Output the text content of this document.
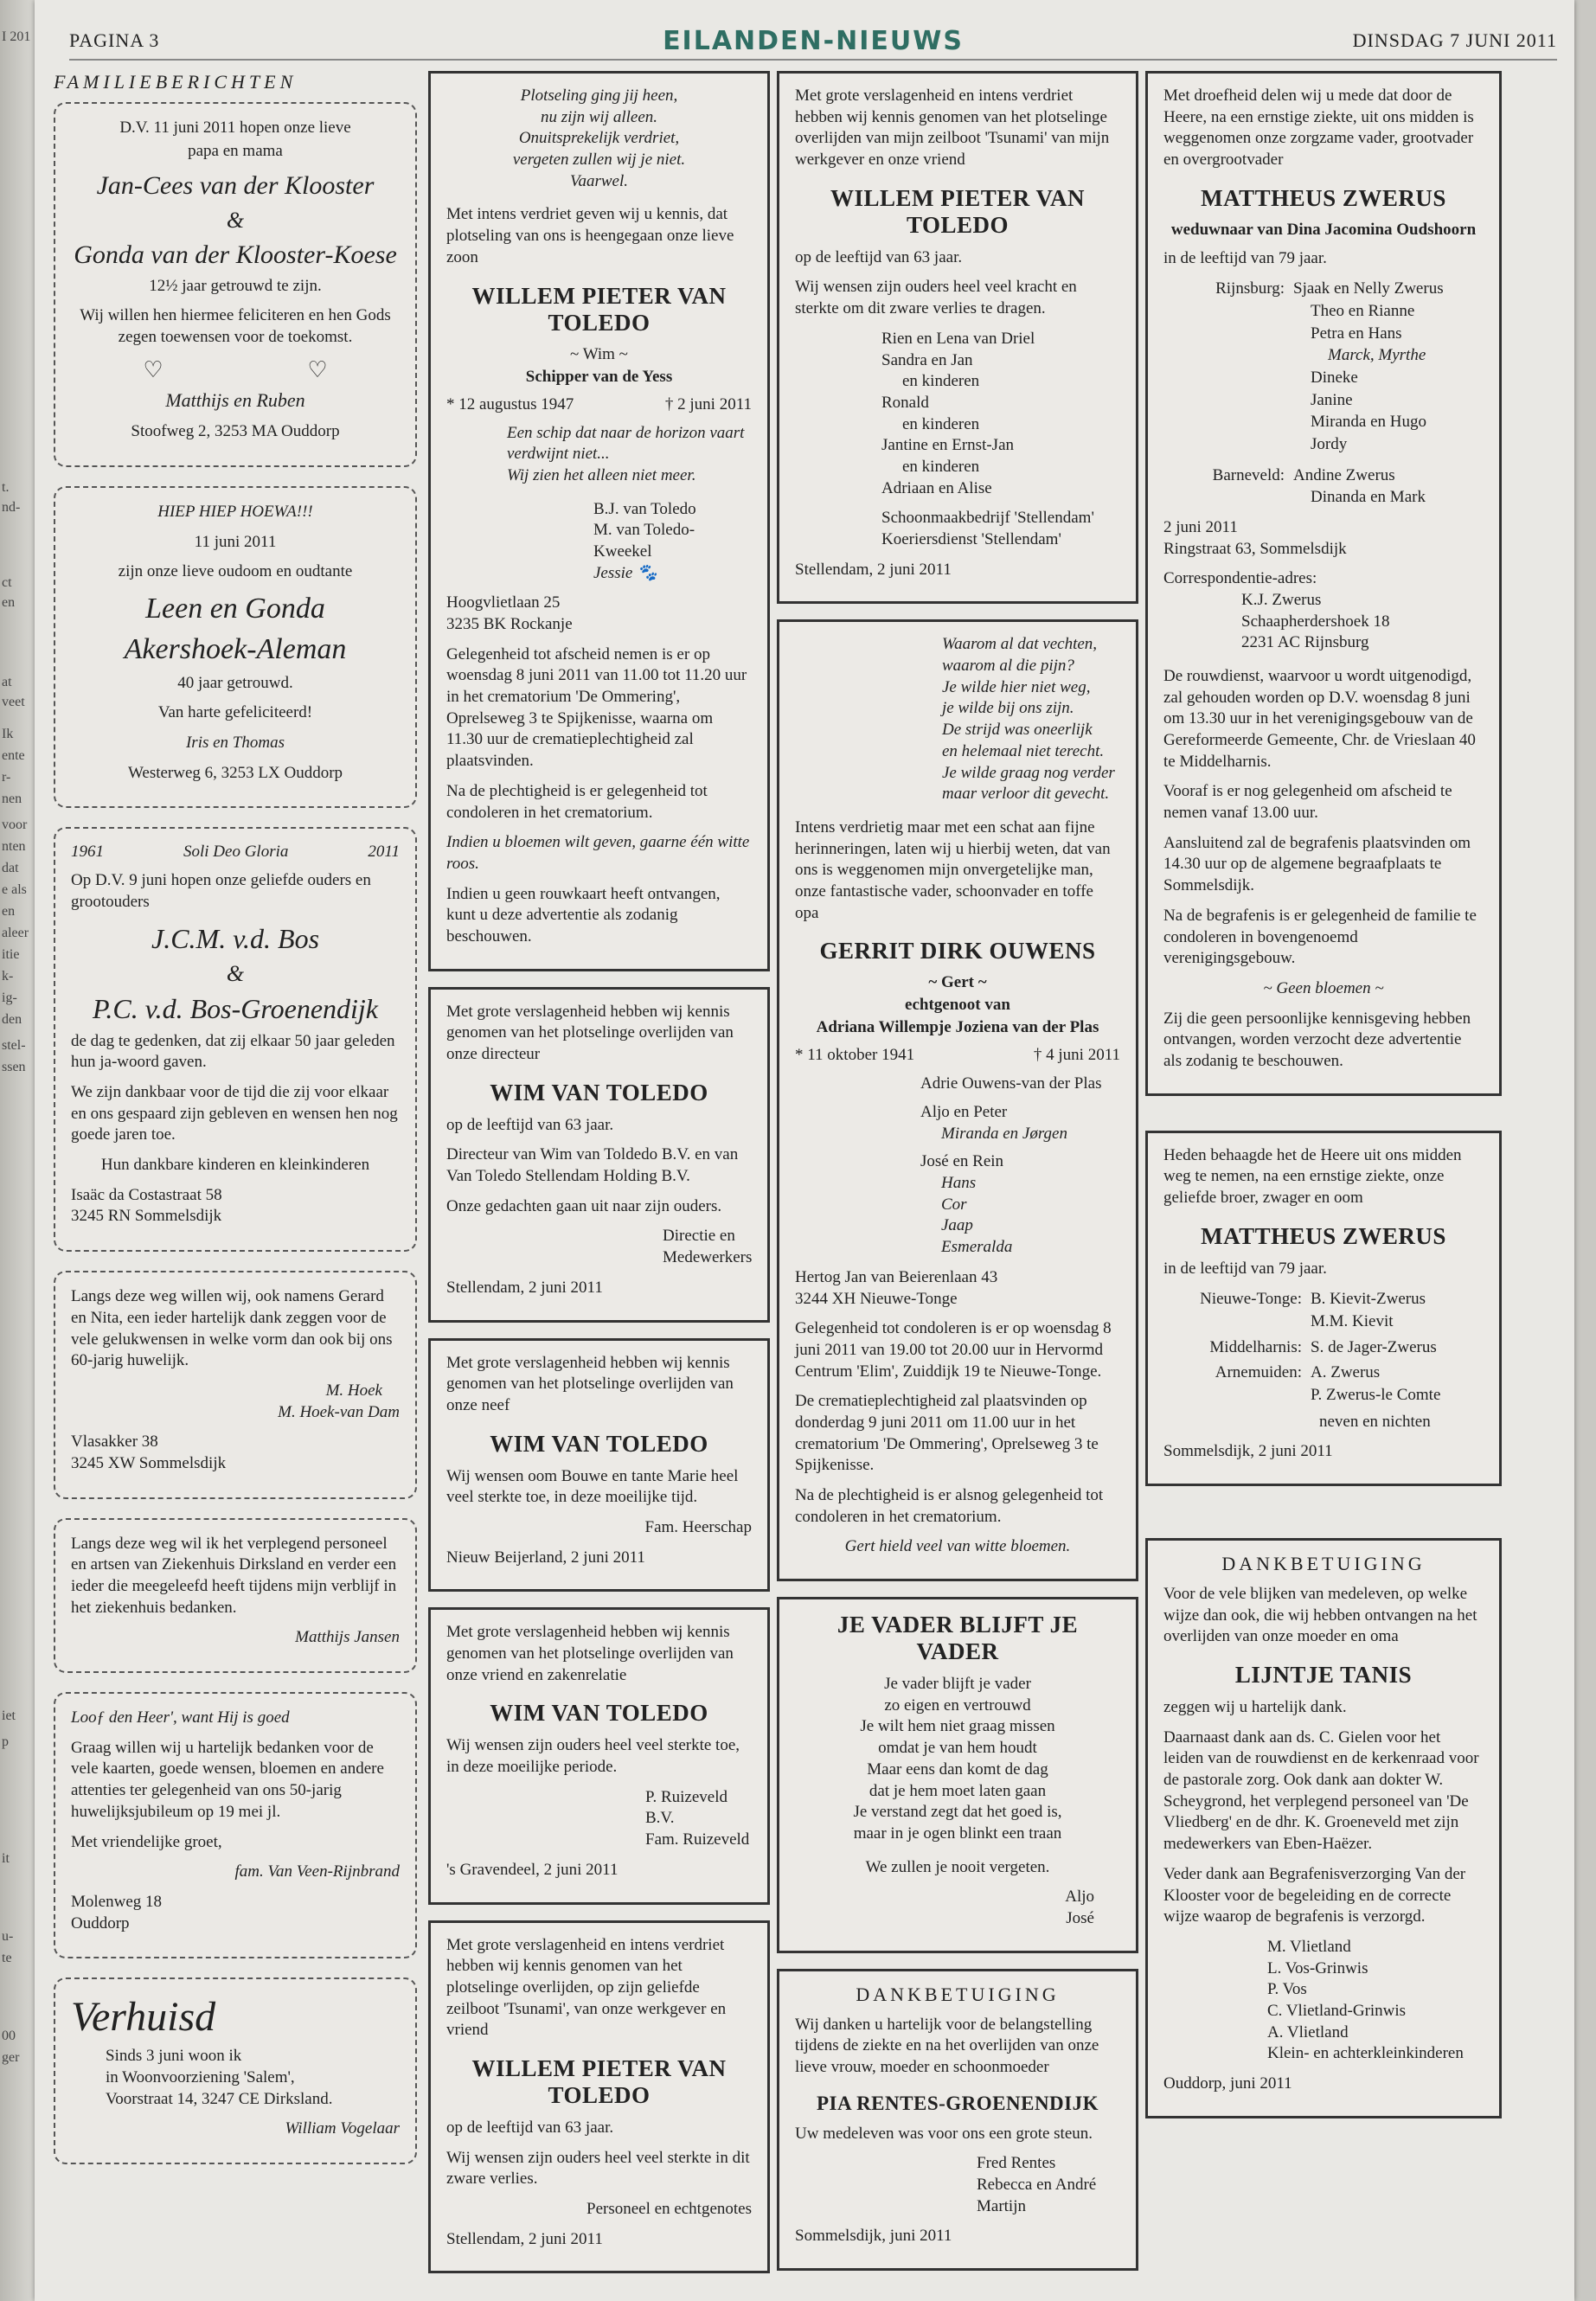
I 201
t.
nd-
ct
en
at
veet
Ik
ente
r-
nen
voor
nten
dat
e als
en
aleer
itie
k-
ig-
den
stel-
ssen
iet
p
it
u-
te
00
ger
PAGINA 3	EILANDEN-NIEUWS	DINSDAG 7 JUNI 2011
FAMILIEBERICHTEN

D.V. 11 juni 2011 hopen onze lieve

papa en mama

Jan-Cees van der Klooster
&
Gonda van der Klooster-Koese

12½ jaar getrouwd te zijn.

Wij willen hen hiermee feliciteren en hen Gods zegen toewensen voor de toekomst.

♡	♡

Matthijs en Ruben

Stoofweg 2, 3253 MA Ouddorp

HIEP HIEP HOEWA!!!

11 juni 2011

zijn onze lieve oudoom en oudtante

Leen en Gonda
Akershoek-Aleman

40 jaar getrouwd.

Van harte gefeliciteerd!

Iris en Thomas

Westerweg 6, 3253 LX Ouddorp

1961	Soli Deo Gloria	2011

Op D.V. 9 juni hopen onze geliefde ouders en grootouders

J.C.M. v.d. Bos
&
P.C. v.d. Bos-Groenendijk

de dag te gedenken, dat zij elkaar 50 jaar geleden hun ja-woord gaven.

We zijn dankbaar voor de tijd die zij voor elkaar en ons gespaard zijn gebleven en wensen hen nog goede jaren toe.

Hun dankbare kinderen en kleinkinderen

Isaäc da Costastraat 58

3245 RN Sommelsdijk

Langs deze weg willen wij, ook namens Gerard en Nita, een ieder hartelijk dank zeggen voor de vele gelukwensen in welke vorm dan ook bij ons 60-jarig huwelijk.

M. Hoek

M. Hoek-van Dam

Vlasakker 38

3245 XW Sommelsdijk

Langs deze weg wil ik het verplegend personeel en artsen van Ziekenhuis Dirksland en verder een ieder die meegeleefd heeft tijdens mijn verblijf in het ziekenhuis bedanken.

Matthijs Jansen

Looƒ den Heer', want Hij is goed

Graag willen wij u hartelijk bedanken voor de vele kaarten, goede wensen, bloemen en andere attenties ter gelegenheid van ons 50-jarig huwelijksjubileum op 19 mei jl.

Met vriendelijke groet,

fam. Van Veen-Rijnbrand

Molenweg 18

Ouddorp

Verhuisd

Sinds 3 juni woon ik

in Woonvoorziening 'Salem',

Voorstraat 14, 3247 CE Dirksland.

William Vogelaar

Plotseling ging jij heen,

nu zijn wij alleen.

Onuitsprekelijk verdriet,

vergeten zullen wij je niet.

Vaarwel.

Met intens verdriet geven wij u kennis, dat plotseling van ons is heengegaan onze lieve zoon

WILLEM PIETER VAN TOLEDO
~ Wim ~
Schipper van de Yess
* 12 augustus 1947	† 2 juni 2011

Een schip dat naar de horizon vaart

verdwijnt niet...

Wij zien het alleen niet meer.

B.J. van Toledo

M. van Toledo-Kweekel

Jessie 🐾

Hoogvlietlaan 25

3235 BK Rockanje

Gelegenheid tot afscheid nemen is er op woensdag 8 juni 2011 van 11.00 tot 11.20 uur in het crematorium 'De Ommering', Oprelseweg 3 te Spijkenisse, waarna om 11.30 uur de crematieplechtigheid zal plaatsvinden.

Na de plechtigheid is er gelegenheid tot condoleren in het crematorium.

Indien u bloemen wilt geven, gaarne één witte roos.

Indien u geen rouwkaart heeft ontvangen, kunt u deze advertentie als zodanig beschouwen.

Met grote verslagenheid hebben wij kennis genomen van het plotselinge overlijden van onze directeur

WIM VAN TOLEDO

op de leeftijd van 63 jaar.

Directeur van Wim van Toldedo B.V. en van Van Toledo Stellendam Holding B.V.

Onze gedachten gaan uit naar zijn ouders.

Directie en

Medewerkers

Stellendam, 2 juni 2011

Met grote verslagenheid hebben wij kennis genomen van het plotselinge overlijden van onze neef

WIM VAN TOLEDO

Wij wensen oom Bouwe en tante Marie heel veel sterkte toe, in deze moeilijke tijd.

Fam. Heerschap

Nieuw Beijerland, 2 juni 2011

Met grote verslagenheid hebben wij kennis genomen van het plotselinge overlijden van onze vriend en zakenrelatie

WIM VAN TOLEDO

Wij wensen zijn ouders heel veel sterkte toe, in deze moeilijke periode.

P. Ruizeveld B.V.

Fam. Ruizeveld

's Gravendeel, 2 juni 2011

Met grote verslagenheid en intens verdriet hebben wij kennis genomen van het plotselinge overlijden, op zijn geliefde zeilboot 'Tsunami', van onze werkgever en vriend

WILLEM PIETER VAN TOLEDO

op de leeftijd van 63 jaar.

Wij wensen zijn ouders heel veel sterkte in dit zware verlies.

Personeel en echtgenotes

Stellendam, 2 juni 2011

Met grote verslagenheid en intens verdriet hebben wij kennis genomen van het plotselinge overlijden van mijn zeilboot 'Tsunami' van mijn werkgever en onze vriend

WILLEM PIETER VAN TOLEDO

op de leeftijd van 63 jaar.

Wij wensen zijn ouders heel veel kracht en sterkte om dit zware verlies te dragen.

Rien en Lena van Driel
Sandra en Jan
en kinderen
Ronald
en kinderen
Jantine en Ernst-Jan
en kinderen
Adriaan en Alise

Schoonmaakbedrijf 'Stellendam'

Koeriersdienst 'Stellendam'

Stellendam, 2 juni 2011

Waarom al dat vechten,

waarom al die pijn?

Je wilde hier niet weg,

je wilde bij ons zijn.

De strijd was oneerlijk

en helemaal niet terecht.

Je wilde graag nog verder

maar verloor dit gevecht.

Intens verdrietig maar met een schat aan fijne herinneringen, laten wij u hierbij weten, dat van ons is weggenomen mijn onvergetelijke man, onze fantastische vader, schoonvader en toffe opa

GERRIT DIRK OUWENS
~ Gert ~
echtgenoot van
Adriana Willempje Joziena van der Plas
* 11 oktober 1941	† 4 juni 2011
Adrie Ouwens-van der Plas
Aljo en Peter
Miranda en Jørgen
José en Rein
Hans
Cor
Jaap
Esmeralda

Hertog Jan van Beierenlaan 43

3244 XH Nieuwe-Tonge

Gelegenheid tot condoleren is er op woensdag 8 juni 2011 van 19.00 tot 20.00 uur in Hervormd Centrum 'Elim', Zuiddijk 19 te Nieuwe-Tonge.

De crematieplechtigheid zal plaatsvinden op donderdag 9 juni 2011 om 11.00 uur in het crematorium 'De Ommering', Oprelseweg 3 te Spijkenisse.

Na de plechtigheid is er alsnog gelegenheid tot condoleren in het crematorium.

Gert hield veel van witte bloemen.

JE VADER BLIJFT JE VADER
Je vader blijft je vader
zo eigen en vertrouwd
Je wilt hem niet graag missen
omdat je van hem houdt
Maar eens dan komt de dag
dat je hem moet laten gaan
Je verstand zegt dat het goed is,
maar in je ogen blinkt een traan

We zullen je nooit vergeten.

Aljo

José

DANKBETUIGING

Wij danken u hartelijk voor de belangstelling tijdens de ziekte en na het overlijden van onze lieve vrouw, moeder en schoonmoeder

PIA RENTES-GROENENDIJK

Uw medeleven was voor ons een grote steun.

Fred Rentes
Rebecca en André
Martijn

Sommelsdijk, juni 2011

Met droefheid delen wij u mede dat door de Heere, na een ernstige ziekte, uit ons midden is weggenomen onze zorgzame vader, grootvader en overgrootvader

MATTHEUS ZWERUS
weduwnaar van Dina Jacomina Oudshoorn

in de leeftijd van 79 jaar.

Rijnsburg: Sjaak en Nelly Zwerus
Theo en Rianne
Petra en Hans
Marck, Myrthe
Dineke
Janine
Miranda en Hugo
Jordy
Barneveld: Andine Zwerus
Dinanda en Mark

2 juni 2011

Ringstraat 63, Sommelsdijk

Correspondentie-adres:

K.J. Zwerus
Schaapherdershoek 18
2231 AC Rijnsburg

De rouwdienst, waarvoor u wordt uitgenodigd, zal gehouden worden op D.V. woensdag 8 juni om 13.30 uur in het verenigingsgebouw van de Gereformeerde Gemeente, Chr. de Vrieslaan 40 te Middelharnis.

Vooraf is er nog gelegenheid om afscheid te nemen vanaf 13.00 uur.

Aansluitend zal de begrafenis plaatsvinden om 14.30 uur op de algemene begraafplaats te Sommelsdijk.

Na de begrafenis is er gelegenheid de familie te condoleren in bovengenoemd verenigingsgebouw.

~ Geen bloemen ~

Zij die geen persoonlijke kennisgeving hebben ontvangen, worden verzocht deze advertentie als zodanig te beschouwen.

Heden behaagde het de Heere uit ons midden weg te nemen, na een ernstige ziekte, onze geliefde broer, zwager en oom

MATTHEUS ZWERUS

in de leeftijd van 79 jaar.

Nieuwe-Tonge: B. Kievit-Zwerus
M.M. Kievit
Middelharnis: S. de Jager-Zwerus
Arnemuiden: A. Zwerus
P. Zwerus-le Comte

neven en nichten

Sommelsdijk, 2 juni 2011

DANKBETUIGING

Voor de vele blijken van medeleven, op welke wijze dan ook, die wij hebben ontvangen na het overlijden van onze moeder en oma

LIJNTJE TANIS

zeggen wij u hartelijk dank.

Daarnaast dank aan ds. C. Gielen voor het leiden van de rouwdienst en de kerkenraad voor de pastorale zorg. Ook dank aan dokter W. Scheygrond, het verplegend personeel van 'De Vliedberg' en de dhr. K. Groeneveld met zijn medewerkers van Eben-Haëzer.

Veder dank aan Begrafenisverzorging Van der Klooster voor de begeleiding en de correcte wijze waarop de begrafenis is verzorgd.

M. Vlietland
L. Vos-Grinwis
P. Vos
C. Vlietland-Grinwis
A. Vlietland
Klein- en achterkleinkinderen

Ouddorp, juni 2011
